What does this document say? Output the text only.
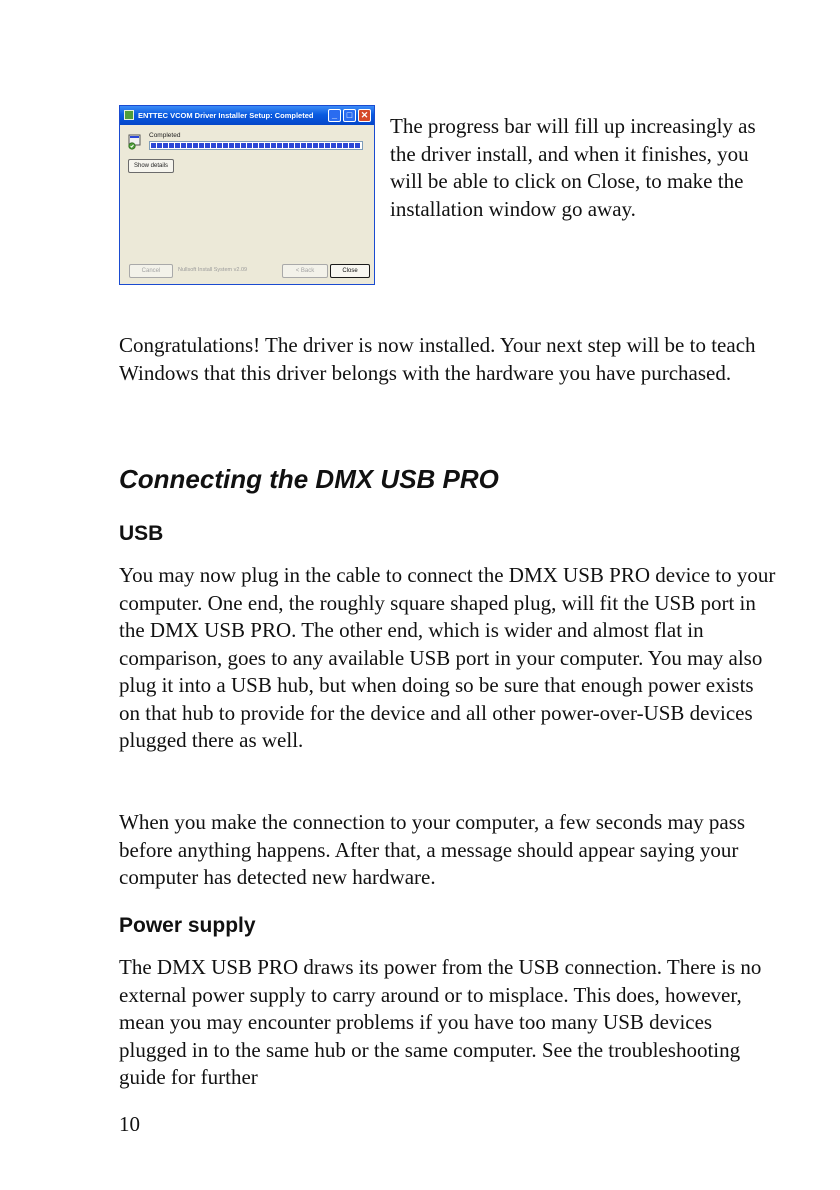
ENTTEC VCOM Driver Installer Setup: Completed	_	□ ✕
Completed
Show details
Cancel	Nullsoft Install System v2.09	< Back	Close

The progress bar will fill up increasingly as the driver install, and when it finishes, you will be able to click on Close, to make the installation window go away.

Congratulations! The driver is now installed. Your next step will be to teach Windows that this driver belongs with the hardware you have purchased.

Connecting the DMX USB PRO
USB

You may now plug in the cable to connect the DMX USB PRO device to your computer. One end, the roughly square shaped plug, will fit the USB port in the DMX USB PRO. The other end, which is wider and almost flat in comparison, goes to any available USB port in your computer. You may also plug it into a USB hub, but when doing so be sure that enough power exists on that hub to provide for the device and all other power-over-USB devices plugged there as well.

When you make the connection to your computer, a few seconds may pass before anything happens. After that, a message should appear saying your computer has detected new hardware.

Power supply

The DMX USB PRO draws its power from the USB connection. There is no external power supply to carry around or to misplace. This does, however, mean you may encounter problems if you have too many USB devices plugged in to the same hub or the same computer. See the troubleshooting guide for further

10
